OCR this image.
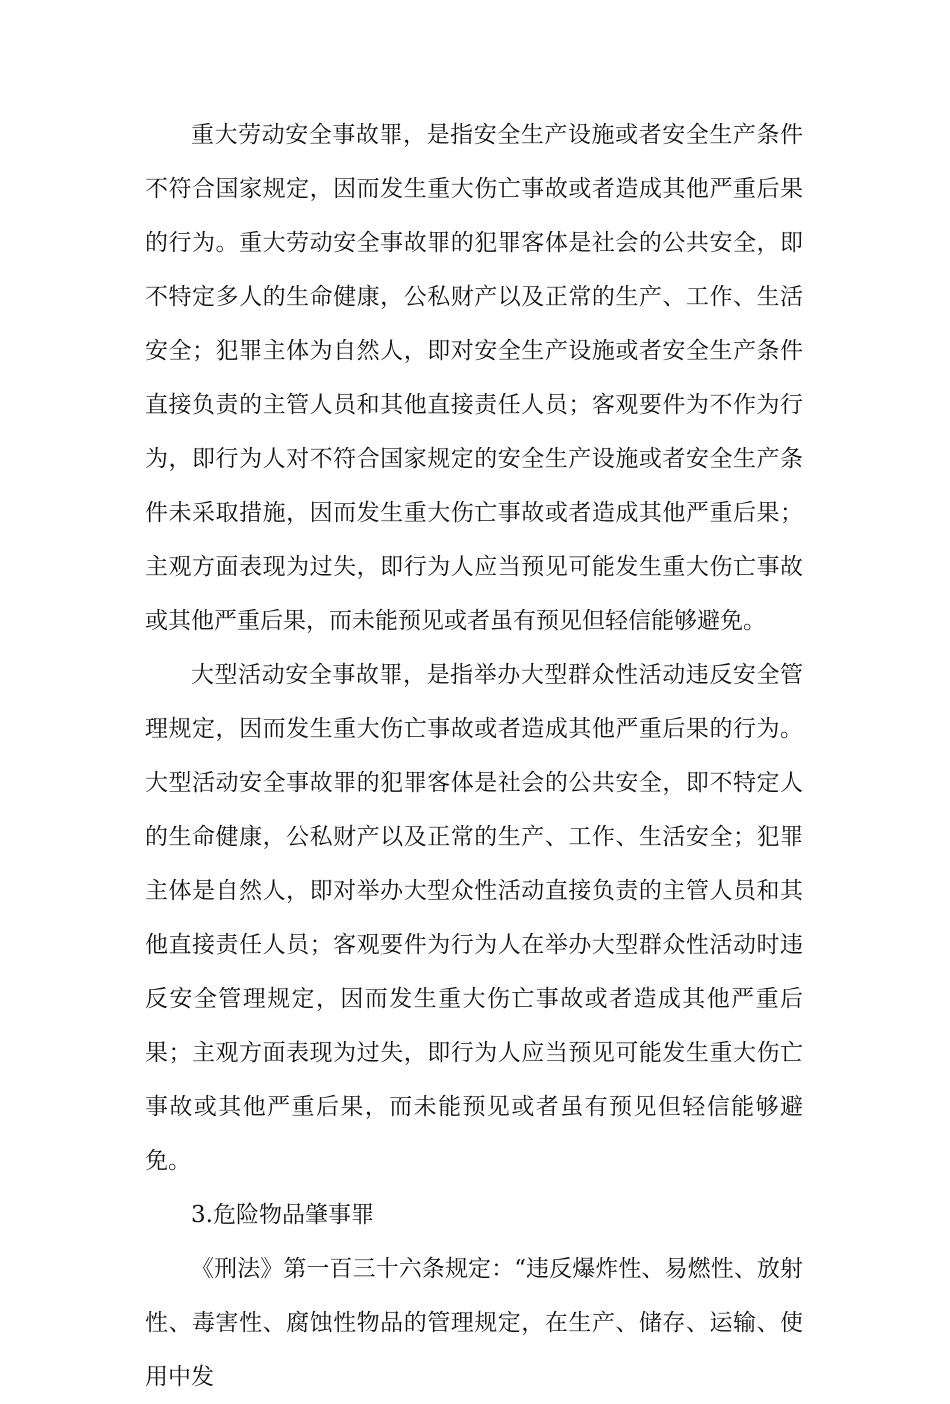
重大劳动安全事故罪，是指安全生产设施或者安全生产条件不符合国家规定，因而发生重大伤亡事故或者造成其他严重后果的行为。重大劳动安全事故罪的犯罪客体是社会的公共安全，即不特定多人的生命健康，公私财产以及正常的生产、工作、生活安全；犯罪主体为自然人，即对安全生产设施或者安全生产条件直接负责的主管人员和其他直接责任人员；客观要件为不作为行为，即行为人对不符合国家规定的安全生产设施或者安全生产条件未采取措施，因而发生重大伤亡事故或者造成其他严重后果；主观方面表现为过失，即行为人应当预见可能发生重大伤亡事故或其他严重后果，而未能预见或者虽有预见但轻信能够避免。

大型活动安全事故罪，是指举办大型群众性活动违反安全管理规定，因而发生重大伤亡事故或者造成其他严重后果的行为。大型活动安全事故罪的犯罪客体是社会的公共安全，即不特定人的生命健康，公私财产以及正常的生产、工作、生活安全；犯罪主体是自然人，即对举办大型众性活动直接负责的主管人员和其他直接责任人员；客观要件为行为人在举办大型群众性活动时违反安全管理规定，因而发生重大伤亡事故或者造成其他严重后果；主观方面表现为过失，即行为人应当预见可能发生重大伤亡事故或其他严重后果，而未能预见或者虽有预见但轻信能够避免。

3.危险物品肇事罪

《刑法》第一百三十六条规定：“违反爆炸性、易燃性、放射性、毒害性、腐蚀性物品的管理规定，在生产、储存、运输、使用中发
